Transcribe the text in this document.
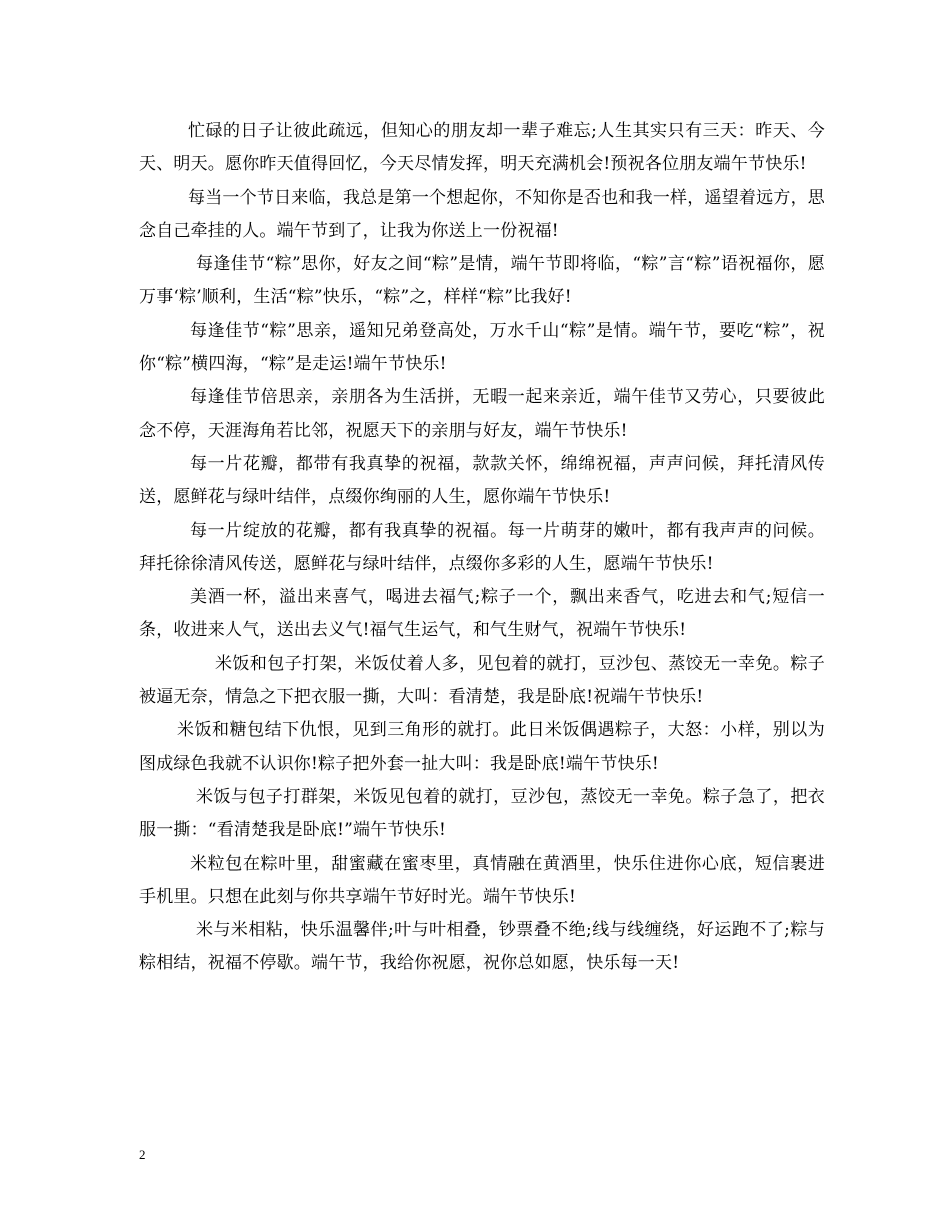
忙碌的日子让彼此疏远，但知心的朋友却一辈子难忘;人生其实只有三天：昨天、今天、明天。愿你昨天值得回忆，今天尽情发挥，明天充满机会!预祝各位朋友端午节快乐!

每当一个节日来临，我总是第一个想起你，不知你是否也和我一样，遥望着远方，思念自己牵挂的人。端午节到了，让我为你送上一份祝福!

每逢佳节“粽”思你，好友之间“粽”是情，端午节即将临，“粽”言“粽”语祝福你，愿万事‘粽’顺利，生活“粽”快乐，“粽”之，样样“粽”比我好!

每逢佳节“粽”思亲，遥知兄弟登高处，万水千山“粽”是情。端午节，要吃“粽”，祝你“粽”横四海，“粽”是走运!端午节快乐!

每逢佳节倍思亲，亲朋各为生活拼，无暇一起来亲近，端午佳节又劳心，只要彼此念不停，天涯海角若比邻，祝愿天下的亲朋与好友，端午节快乐!

每一片花瓣，都带有我真挚的祝福，款款关怀，绵绵祝福，声声问候，拜托清风传送，愿鲜花与绿叶结伴，点缀你绚丽的人生，愿你端午节快乐!

每一片绽放的花瓣，都有我真挚的祝福。每一片萌芽的嫩叶，都有我声声的问候。拜托徐徐清风传送，愿鲜花与绿叶结伴，点缀你多彩的人生，愿端午节快乐!

美酒一杯，溢出来喜气，喝进去福气;粽子一个，飘出来香气，吃进去和气;短信一条，收进来人气，送出去义气!福气生运气，和气生财气，祝端午节快乐!

米饭和包子打架，米饭仗着人多，见包着的就打，豆沙包、蒸饺无一幸免。粽子被逼无奈，情急之下把衣服一撕，大叫：看清楚，我是卧底!祝端午节快乐!

米饭和糖包结下仇恨，见到三角形的就打。此日米饭偶遇粽子，大怒：小样，别以为图成绿色我就不认识你!粽子把外套一扯大叫：我是卧底!端午节快乐!

米饭与包子打群架，米饭见包着的就打，豆沙包，蒸饺无一幸免。粽子急了，把衣服一撕：“看清楚我是卧底!”端午节快乐!

米粒包在粽叶里，甜蜜藏在蜜枣里，真情融在黄酒里，快乐住进你心底，短信裹进手机里。只想在此刻与你共享端午节好时光。端午节快乐!

米与米相粘，快乐温馨伴;叶与叶相叠，钞票叠不绝;线与线缠绕，好运跑不了;粽与粽相结，祝福不停歇。端午节，我给你祝愿，祝你总如愿，快乐每一天!

2
